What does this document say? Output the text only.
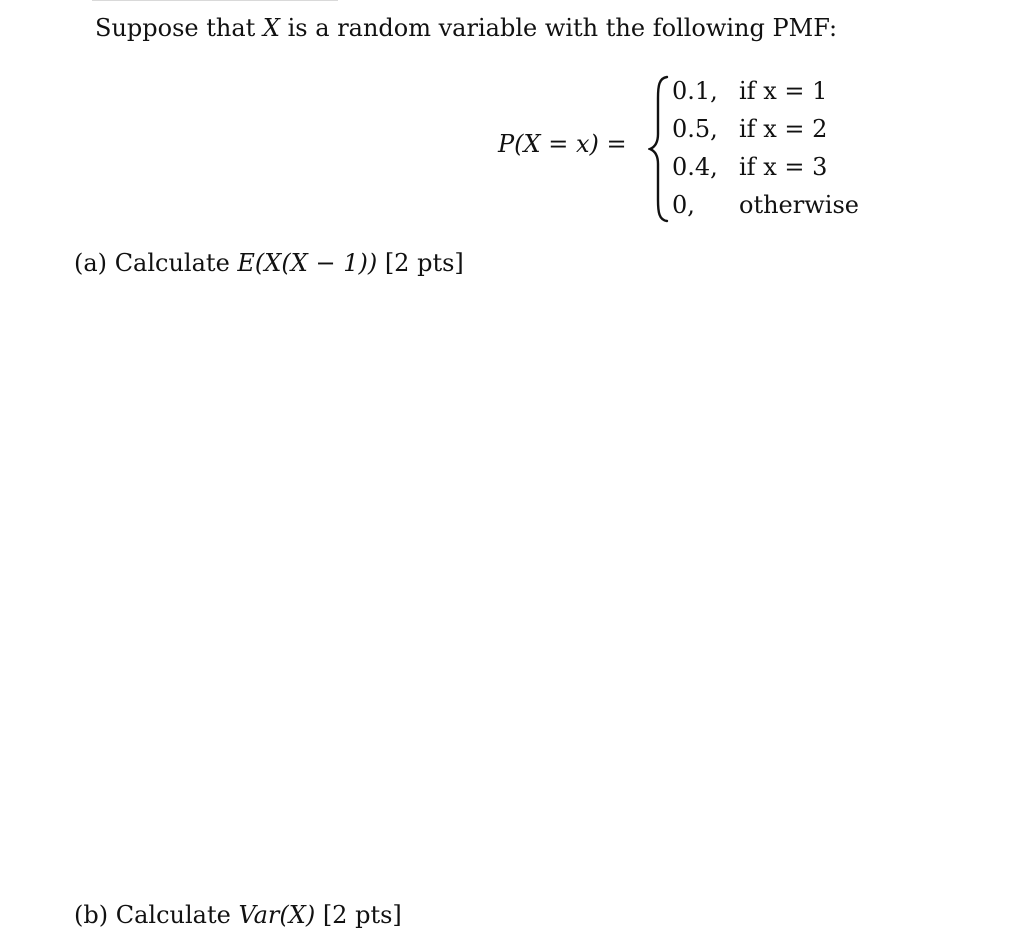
Suppose that X is a random variable with the following PMF:
P(X = x) =
0.1, if x = 1
0.5, if x = 2
0.4, if x = 3
0, otherwise
(a) Calculate E(X(X − 1)) [2 pts]
(b) Calculate Var(X) [2 pts]
